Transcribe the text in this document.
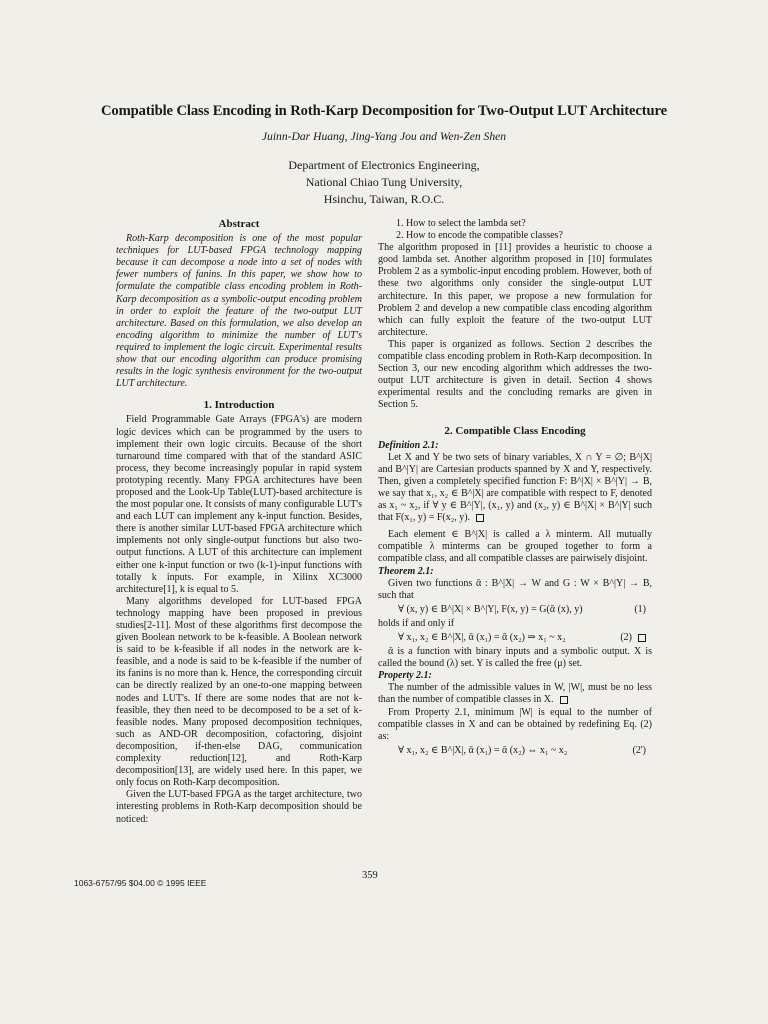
Compatible Class Encoding in Roth-Karp Decomposition for Two-Output LUT Architecture
Juinn-Dar Huang, Jing-Yang Jou and Wen-Zen Shen
Department of Electronics Engineering,
National Chiao Tung University,
Hsinchu, Taiwan, R.O.C.
Abstract

Roth-Karp decomposition is one of the most popular techniques for LUT-based FPGA technology mapping because it can decompose a node into a set of nodes with fewer numbers of fanins. In this paper, we show how to formulate the compatible class encoding problem in Roth-Karp decomposition as a symbolic-output encoding problem in order to exploit the feature of the two-output LUT architecture. Based on this formulation, we also develop an encoding algorithm to minimize the number of LUT's required to implement the logic circuit. Experimental results show that our encoding algorithm can produce promising results in the logic synthesis environment for the two-output LUT architecture.

1. Introduction

Field Programmable Gate Arrays (FPGA's) are modern logic devices which can be programmed by the users to implement their own logic circuits. Because of the short turnaround time compared with that of the standard ASIC process, they become increasingly popular in rapid system prototyping recently. Many FPGA architectures have been proposed and the Look-Up Table(LUT)-based architecture is the most popular one. It consists of many configurable LUT's and each LUT can implement any k-input function. Besides, there is another similar LUT-based FPGA architecture which implements not only single-output functions but also two-output functions. A LUT of this architecture can implement either one k-input function or two (k-1)-input functions with totally k inputs. For example, in Xilinx XC3000 architecture[1], k is equal to 5.

Many algorithms developed for LUT-based FPGA technology mapping have been proposed in previous studies[2-11]. Most of these algorithms first decompose the given Boolean network to be k-feasible. A Boolean network is said to be k-feasible if all nodes in the network are k-feasible, and a node is said to be k-feasible if the number of its fanins is no more than k. Hence, the corresponding circuit can be directly realized by an one-to-one mapping between nodes and LUT's. If there are some nodes that are not k-feasible, they then need to be decomposed to be a set of k-feasible nodes. Many proposed decomposition techniques, such as AND-OR decomposition, cofactoring, disjoint decomposition, if-then-else DAG, communication complexity reduction[12], and Roth-Karp decomposition[13], are widely used here. In this paper, we only focus on Roth-Karp decomposition.

Given the LUT-based FPGA as the target architecture, two interesting problems in Roth-Karp decomposition should be noticed:

1. How to select the lambda set?

2. How to encode the compatible classes?

The algorithm proposed in [11] provides a heuristic to choose a good lambda set. Another algorithm proposed in [10] formulates Problem 2 as a symbolic-input encoding problem. However, both of these two algorithms only consider the single-output LUT architecture. In this paper, we propose a new formulation for Problem 2 and develop a new compatible class encoding algorithm which can fully exploit the feature of the two-output LUT architecture.

This paper is organized as follows. Section 2 describes the compatible class encoding problem in Roth-Karp decomposition. In Section 3, our new encoding algorithm which addresses the two-output LUT architecture is given in detail. Section 4 shows experimental results and the concluding remarks are given in Section 5.

2. Compatible Class Encoding

Definition 2.1:

Let X and Y be two sets of binary variables, X ∩ Y = ∅; B^|X| and B^|Y| are Cartesian products spanned by X and Y, respectively. Then, given a completely specified function F: B^|X| × B^|Y| → B, we say that x₁, x₂ ∈ B^|X| are compatible with respect to F, denoted as x₁ ~ x₂, if ∀ y ∈ B^|Y|, (x₁, y) and (x₂, y) ∈ B^|X| × B^|Y| such that F(x₁, y) = F(x₂, y).

Each element ∈ B^|X| is called a λ minterm. All mutually compatible λ minterms can be grouped together to form a compatible class, and all compatible classes are pairwisely disjoint.

Theorem 2.1:

Given two functions ᾱ : B^|X| → W and G : W × B^|Y| → B, such that

∀ (x, y) ∈ B^|X| × B^|Y|, F(x, y) = G(ᾱ (x), y)	(1)

holds if and only if

∀ x₁, x₂ ∈ B^|X|, ᾱ (x₁) = ᾱ (x₂) ⇒ x₁ ~ x₂	(2)

ᾱ is a function with binary inputs and a symbolic output. X is called the bound (λ) set. Y is called the free (μ) set.

Property 2.1:

The number of the admissible values in W, |W|, must be no less than the number of compatible classes in X.

From Property 2.1, minimum |W| is equal to the number of compatible classes in X and can be obtained by redefining Eq. (2) as:

∀ x₁, x₂ ∈ B^|X|, ᾱ (x₁) = ᾱ (x₂) ⇔ x₁ ~ x₂	(2')
359
1063-6757/95 $04.00 © 1995 IEEE
